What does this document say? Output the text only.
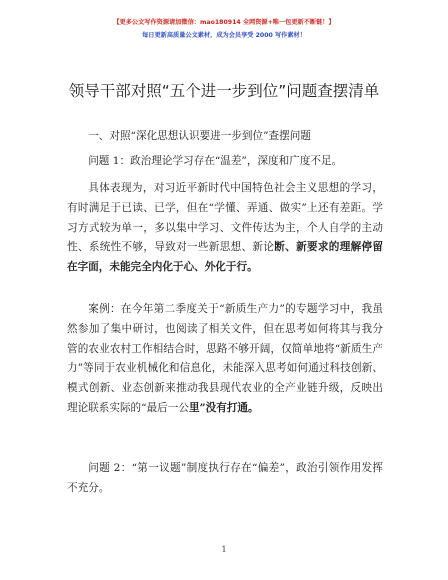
【更多公文写作资源请加微信：mao180914 全网资源+唯一包更新不断链！】
每日更新高质量公文素材，成为会员享受 2000 写作素材！
领导干部对照“五个进一步到位”问题查摆清单

一、对照“深化思想认识要进一步到位”查摆问题

问题 1：政治理论学习存在“温差”，深度和广度不足。

具体表现为，对习近平新时代中国特色社会主义思想的学习，有时满足于已读、已学，但在“学懂、弄通、做实”上还有差距。学习方式较为单一，多以集中学习、文件传达为主，个人自学的主动性、系统性不够，导致对一些新思想、新论断、新要求的理解停留在字面，未能完全内化于心、外化于行。

案例：在今年第二季度关于“新质生产力”的专题学习中，我虽然参加了集中研讨，也阅读了相关文件，但在思考如何将其与我分管的农业农村工作相结合时，思路不够开阔，仅简单地将“新质生产力”等同于农业机械化和信息化，未能深入思考如何通过科技创新、模式创新、业态创新来推动我县现代农业的全产业链升级，反映出理论联系实际的“最后一公里”没有打通。

问题 2：“第一议题”制度执行存在“偏差”，政治引领作用发挥不充分。

1
